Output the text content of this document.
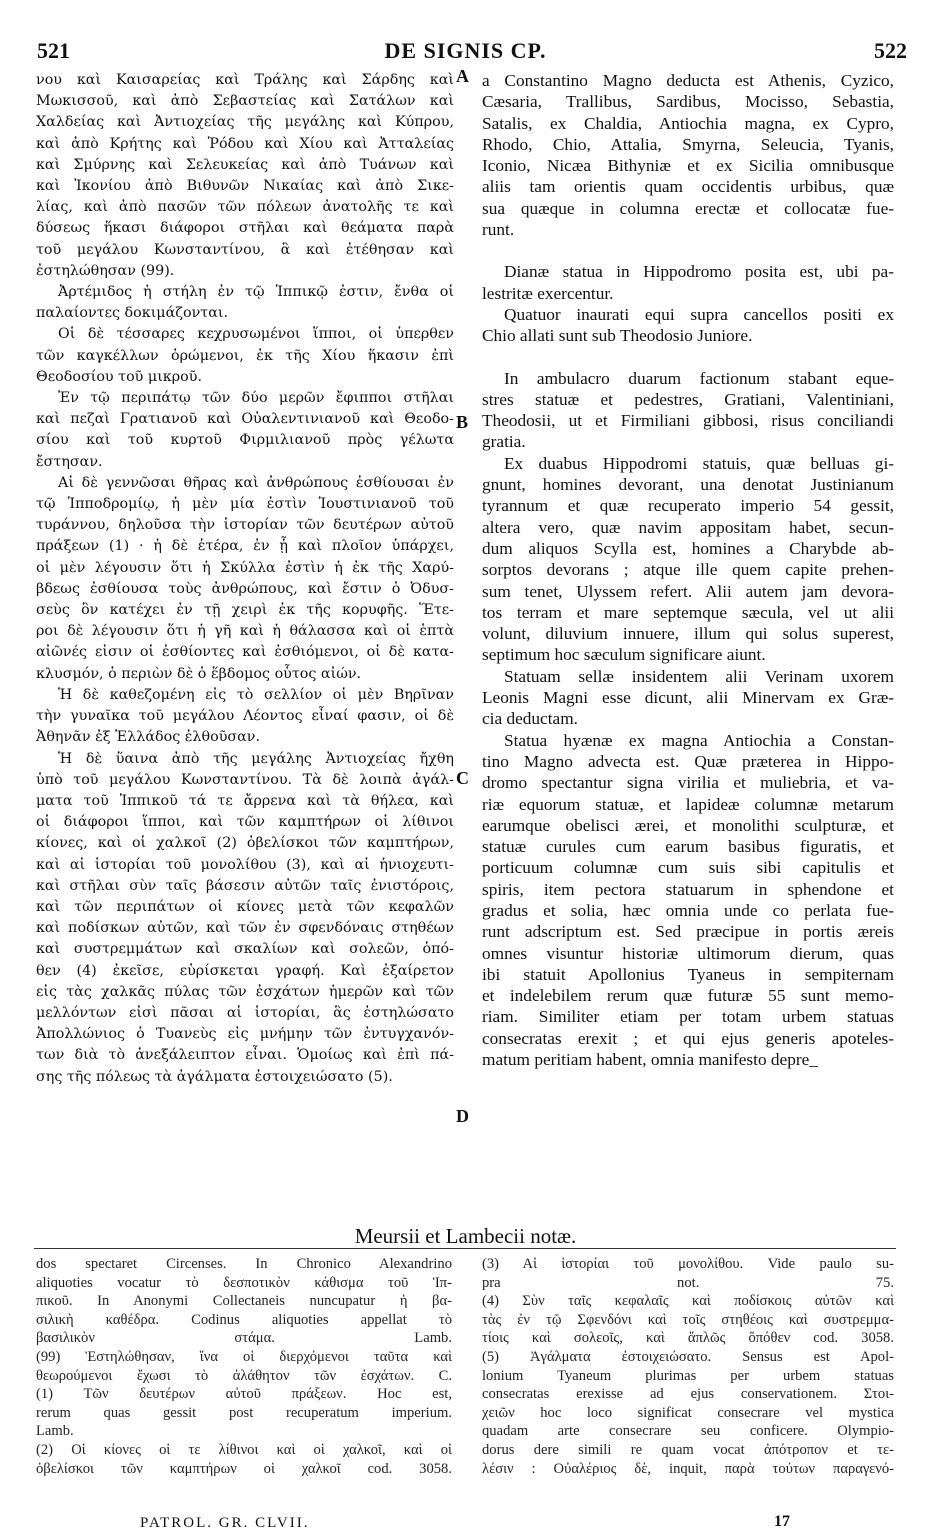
DE SIGNIS CP.
521	522
νου καὶ Καισαρείας καὶ Τράλης καὶ Σάρδης καὶ
Μωκισσοῦ, καὶ ἀπὸ Σεβαστείας καὶ Σατάλων καὶ
Χαλδείας καὶ Ἀντιοχείας τῆς μεγάλης καὶ Κύπρου,
καὶ ἀπὸ Κρήτης καὶ Ῥόδου καὶ Χίου καὶ Ἀτταλείας
καὶ Σμύρνης καὶ Σελευκείας καὶ ἀπὸ Τυάνων καὶ
καὶ Ἰκονίου ἀπὸ Βιθυνῶν Νικαίας καὶ ἀπὸ Σικε-
λίας, καὶ ἀπὸ πασῶν τῶν πόλεων ἀνατολῆς τε καὶ
δύσεως ἥκασι διάφοροι στῆλαι καὶ θεάματα παρὰ
τοῦ μεγάλου Κωνσταντίνου, ἃ καὶ ἐτέθησαν καὶ
ἐστηλώθησαν (99).
Ἀρτέμιδος ἡ στήλη ἐν τῷ Ἱππικῷ ἐστιν, ἔνθα οἱ
παλαίοντες δοκιμάζονται.
Οἱ δὲ τέσσαρες κεχρυσωμένοι ἵπποι, οἱ ὑπερθεν
τῶν καγκέλλων ὁρώμενοι, ἐκ τῆς Χίου ἥκασιν ἐπὶ
Θεοδοσίου τοῦ μικροῦ.
Ἐν τῷ περιπάτῳ τῶν δύο μερῶν ἔφιπποι στῆλαι
καὶ πεζαὶ Γρατιανοῦ καὶ Οὐαλεντινιανοῦ καὶ Θεοδο-
σίου καὶ τοῦ κυρτοῦ Φιρμιλιανοῦ πρὸς γέλωτα
ἔστησαν.
Αἱ δὲ γεννῶσαι θῆρας καὶ ἀνθρώπους ἐσθίουσαι ἐν
τῷ Ἱπποδρομίῳ, ἡ μὲν μία ἐστὶν Ἰουστινιανοῦ τοῦ
τυράννου, δηλοῦσα τὴν ἱστορίαν τῶν δευτέρων αὐτοῦ
πράξεων (1) · ἡ δὲ ἑτέρα, ἐν ᾗ καὶ πλοῖον ὑπάρχει,
οἱ μὲν λέγουσιν ὅτι ἡ Σκύλλα ἐστὶν ἡ ἐκ τῆς Χαρύ-
βδεως ἐσθίουσα τοὺς ἀνθρώπους, καὶ ἔστιν ὁ Ὀδυσ-
σεὺς ὃν κατέχει ἐν τῇ χειρὶ ἐκ τῆς κορυφῆς. Ἕτε-
ροι δὲ λέγουσιν ὅτι ἡ γῆ καὶ ἡ θάλασσα καὶ οἱ ἑπτὰ
αἰῶνές εἰσιν οἱ ἐσθίοντες καὶ ἐσθιόμενοι, οἱ δὲ κατα-
κλυσμόν, ὁ περιὼν δὲ ὁ ἕβδομος οὗτος αἰών.
Ἡ δὲ καθεζομένη εἰς τὸ σελλίον οἱ μὲν Βηρῖναν
τὴν γυναῖκα τοῦ μεγάλου Λέοντος εἶναί φασιν, οἱ δὲ
Ἀθηνᾶν ἐξ Ἑλλάδος ἐλθοῦσαν.
Ἡ δὲ ὕαινα ἀπὸ τῆς μεγάλης Ἀντιοχείας ἤχθη
ὑπὸ τοῦ μεγάλου Κωνσταντίνου. Τὰ δὲ λοιπὰ ἀγάλ-
ματα τοῦ Ἱππικοῦ τά τε ἄρρενα καὶ τὰ θήλεα, καὶ
οἱ διάφοροι ἵπποι, καὶ τῶν καμπτήρων οἱ λίθινοι
κίονες, καὶ οἱ χαλκοῖ (2) ὀβελίσκοι τῶν καμπτήρων,
καὶ αἱ ἱστορίαι τοῦ μονολίθου (3), καὶ αἱ ἡνιοχευτι-
καὶ στῆλαι σὺν ταῖς βάσεσιν αὐτῶν ταῖς ἐνιστόροις,
καὶ τῶν περιπάτων οἱ κίονες μετὰ τῶν κεφαλῶν
καὶ ποδίσκων αὐτῶν, καὶ τῶν ἐν σφενδόναις στηθέων
καὶ συστρεμμάτων καὶ σκαλίων καὶ σολεῶν, ὁπό-
θεν (4) ἐκεῖσε, εὑρίσκεται γραφή. Καὶ ἐξαίρετον
εἰς τὰς χαλκᾶς πύλας τῶν ἐσχάτων ἡμερῶν καὶ τῶν
μελλόντων εἰσὶ πᾶσαι αἱ ἱστορίαι, ἃς ἐστηλώσατο
Ἀπολλώνιος ὁ Τυανεὺς εἰς μνήμην τῶν ἐντυγχανόν-
των διὰ τὸ ἀνεξάλειπτον εἶναι. Ὁμοίως καὶ ἐπὶ πά-
σης τῆς πόλεως τὰ ἀγάλματα ἐστοιχειώσατο (5).
a Constantino Magno deducta est Athenis, Cyzico,
Cæsaria, Trallibus, Sardibus, Mocisso, Sebastia,
Satalis, ex Chaldia, Antiochia magna, ex Cypro,
Rhodo, Chio, Attalia, Smyrna, Seleucia, Tyanis,
Iconio, Nicæa Bithyniæ et ex Sicilia omnibusque
aliis tam orientis quam occidentis urbibus, quæ
sua quæque in columna erectæ et collocatæ fue-
runt.
Dianæ statua in Hippodromo posita est, ubi pa-
lestritæ exercentur.
Quatuor inaurati equi supra cancellos positi ex
Chio allati sunt sub Theodosio Juniore.
In ambulacro duarum factionum stabant eque-
stres statuæ et pedestres, Gratiani, Valentiniani,
Theodosii, ut et Firmiliani gibbosi, risus conciliandi
gratia.
Ex duabus Hippodromi statuis, quæ belluas gi-
gnunt, homines devorant, una denotat Justinianum
tyrannum et quæ recuperato imperio 54 gessit,
altera vero, quæ navim appositam habet, secun-
dum aliquos Scylla est, homines a Charybde ab-
sorptos devorans ; atque ille quem capite prehen-
sum tenet, Ulyssem refert. Alii autem jam devora-
tos terram et mare septemque sæcula, vel ut alii
volunt, diluvium innuere, illum qui solus superest,
septimum hoc sæculum significare aiunt.
Statuam sellæ insidentem alii Verinam uxorem
Leonis Magni esse dicunt, alii Minervam ex Græ-
cia deductam.
Statua hyænæ ex magna Antiochia a Constan-
tino Magno advecta est. Quæ præterea in Hippo-
dromo spectantur signa virilia et muliebria, et va-
riæ equorum statuæ, et lapideæ columnæ metarum
earumque obelisci æreі, et monolithi sculpturæ, et
statuæ curules cum earum basibus figuratis, et
porticuum columnæ cum suis sibi capitulis et
spiris, item pectora statuarum in sphendone et
gradus et solia, hæc omnia unde co perlata fue-
runt adscriptum est. Sed præcipue in portis æreis
omnes visuntur historiæ ultimorum dierum, quas
ibi statuit Apollonius Tyaneus in sempiternam
et indelebilem rerum quæ futuræ 55 sunt memo-
riam. Similiter etiam per totam urbem statuas
consecratas erexit ; et qui ejus generis apoteles-
matum peritiam habent, omnia manifesto depre_
A
B
C
D
Meursii et Lambecii notæ.
dos spectaret Circenses. In Chronico Alexandrino
aliquoties vocatur τὸ δεσποτικὸν κάθισμα τοῦ Ἱπ-
πικοῦ. In Anonymi Collectaneis nuncupatur ἡ βα-
σιλικὴ καθέδρα. Codinus aliquoties appellat τὸ
βασιλικὸν στάμα. Lamb.
(99) Ἐστηλώθησαν, ἵνα οἱ διερχόμενοι ταῦτα καὶ
θεωρούμενοι ἔχωσι τὸ ἀλάθητον τῶν ἐσχάτων. C.
(1) Τῶν δευτέρων αὐτοῦ πράξεων. Hoc est,
rerum quas gessit post recuperatum imperium.
Lamb.
(2) Οἱ κίονες οἱ τε λίθινοι καὶ οἱ χαλκοῖ, καὶ οἱ
ὀβελίσκοι τῶν καμπτήρων οἱ χαλκοῖ cod. 3058.
(3) Αἱ ἱστορίαι τοῦ μονολίθου. Vide paulo su-
pra not. 75.
(4) Σὺν ταῖς κεφαλαῖς καὶ ποδίσκοις αὐτῶν καὶ
τὰς ἐν τῷ Σφενδόνι καὶ τοῖς στηθέοις καὶ συστρεμμα-
τίοις καὶ σολεοῖς, καὶ ἅπλῶς ὅπόθεν cod. 3058.
(5) Ἀγάλματα ἐστοιχειώσατο. Sensus est Apol-
lonium Tyaneum plurimas per urbem statuas
consecratas erexisse ad ejus conservationem. Στοι-
χειῶν hoc loco significat consecrare vel mystica
quadam arte consecrare seu conficere. Olympio-
dorus dere simili re quam vocat ἀπότροπον et τε-
λέσιν : Οὐαλέριος δὲ, inquit, παρὰ τούτων παραγενό-
PATROL. GR. CLVII.	17
